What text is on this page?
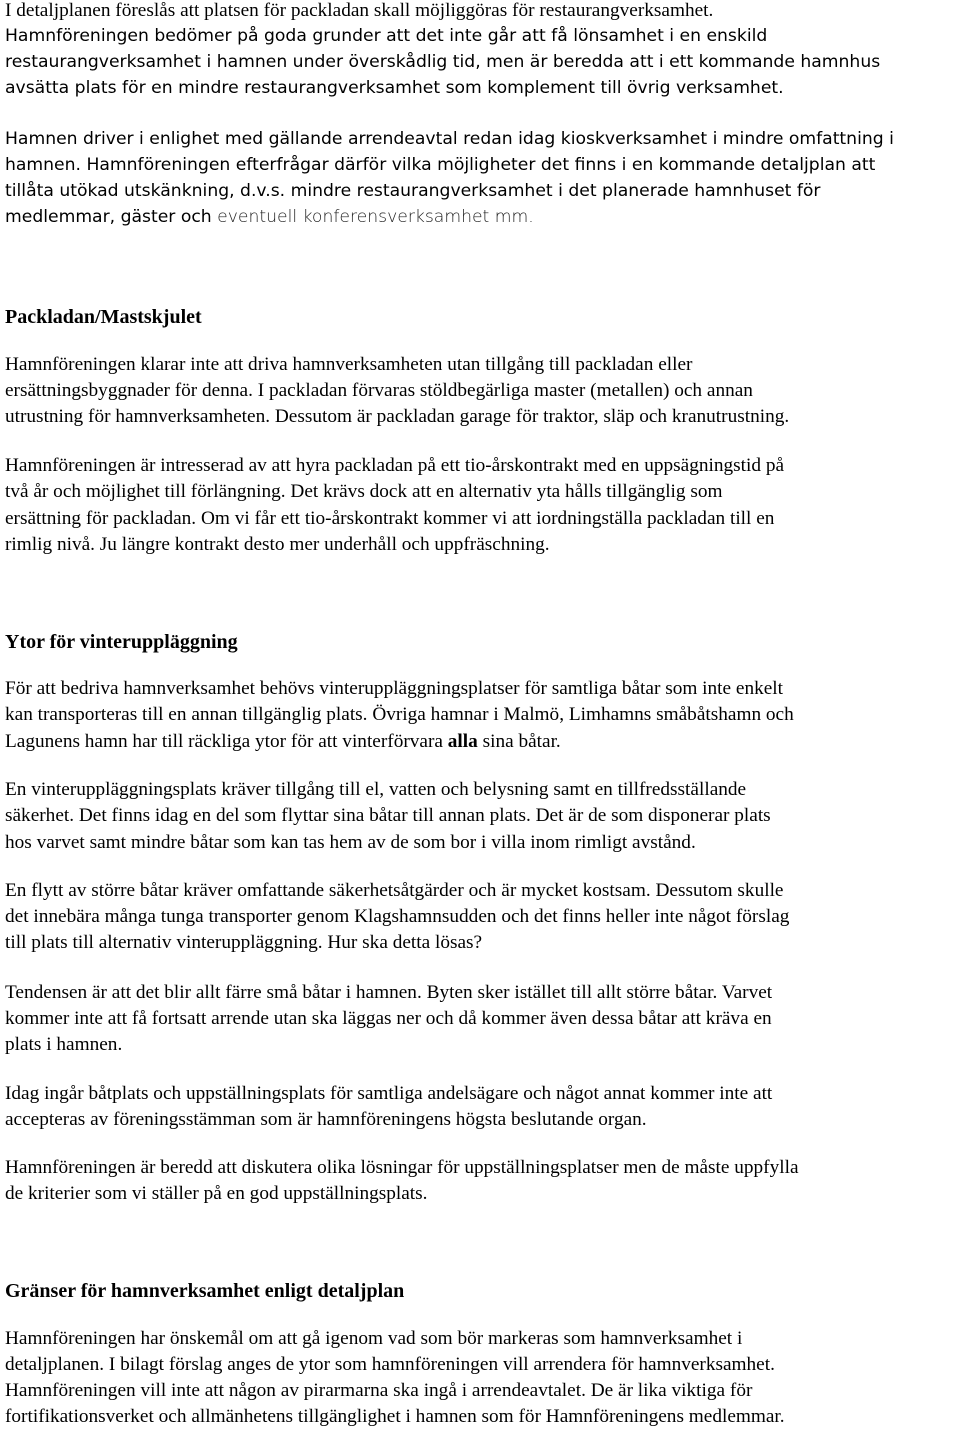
I detaljplanen föreslås att platsen för packladan skall möjliggöras för restaurangverksamhet.
Hamnföreningen bedömer på goda grunder att det inte går att få lönsamhet i en enskild
restaurangverksamhet i hamnen under överskådlig tid, men är beredda att i ett kommande hamnhus
avsätta plats för en mindre restaurangverksamhet som komplement till övrig verksamhet.
Hamnen driver i enlighet med gällande arrendeavtal redan idag kioskverksamhet i mindre omfattning i
hamnen. Hamnföreningen efterfrågar därför vilka möjligheter det finns i en kommande detaljplan att
tillåta utökad utskänkning, d.v.s. mindre restaurangverksamhet i det planerade hamnhuset för
medlemmar, gäster och eventuell konferensverksamhet mm.
Packladan/Mastskjulet
Hamnföreningen klarar inte att driva hamnverksamheten utan tillgång till packladan eller
ersättningsbyggnader för denna. I packladan förvaras stöldbegärliga master (metallen) och annan
utrustning för hamnverksamheten. Dessutom är packladan garage för traktor, släp och kranutrustning.
Hamnföreningen är intresserad av att hyra packladan på ett tio-årskontrakt med en uppsägningstid på
två år och möjlighet till förlängning. Det krävs dock att en alternativ yta hålls tillgänglig som
ersättning för packladan. Om vi får ett tio-årskontrakt kommer vi att iordningställa packladan till en
rimlig nivå. Ju längre kontrakt desto mer underhåll och uppfräschning.
Ytor för vinteruppläggning
För att bedriva hamnverksamhet behövs vinteruppläggningsplatser för samtliga båtar som inte enkelt
kan transporteras till en annan tillgänglig plats. Övriga hamnar i Malmö, Limhamns småbåtshamn och
Lagunens hamn har till räckliga ytor för att vinterförvara alla sina båtar.
En vinteruppläggningsplats kräver tillgång till el, vatten och belysning samt en tillfredsställande
säkerhet. Det finns idag en del som flyttar sina båtar till annan plats. Det är de som disponerar plats
hos varvet samt mindre båtar som kan tas hem av de som bor i villa inom rimligt avstånd.
En flytt av större båtar kräver omfattande säkerhetsåtgärder och är mycket kostsam. Dessutom skulle
det innebära många tunga transporter genom Klagshamnsudden och det finns heller inte något förslag
till plats till alternativ vinteruppläggning. Hur ska detta lösas?
Tendensen är att det blir allt färre små båtar i hamnen. Byten sker istället till allt större båtar. Varvet
kommer inte att få fortsatt arrende utan ska läggas ner och då kommer även dessa båtar att kräva en
plats i hamnen.
Idag ingår båtplats och uppställningsplats för samtliga andelsägare och något annat kommer inte att
accepteras av föreningsstämman som är hamnföreningens högsta beslutande organ.
Hamnföreningen är beredd att diskutera olika lösningar för uppställningsplatser men de måste uppfylla
de kriterier som vi ställer på en god uppställningsplats.
Gränser för hamnverksamhet enligt detaljplan
Hamnföreningen har önskemål om att gå igenom vad som bör markeras som hamnverksamhet i
detaljplanen. I bilagt förslag anges de ytor som hamnföreningen vill arrendera för hamnverksamhet.
Hamnföreningen vill inte att någon av pirarmarna ska ingå i arrendeavtalet. De är lika viktiga för
fortifikationsverket och allmänhetens tillgänglighet i hamnen som för Hamnföreningens medlemmar.
